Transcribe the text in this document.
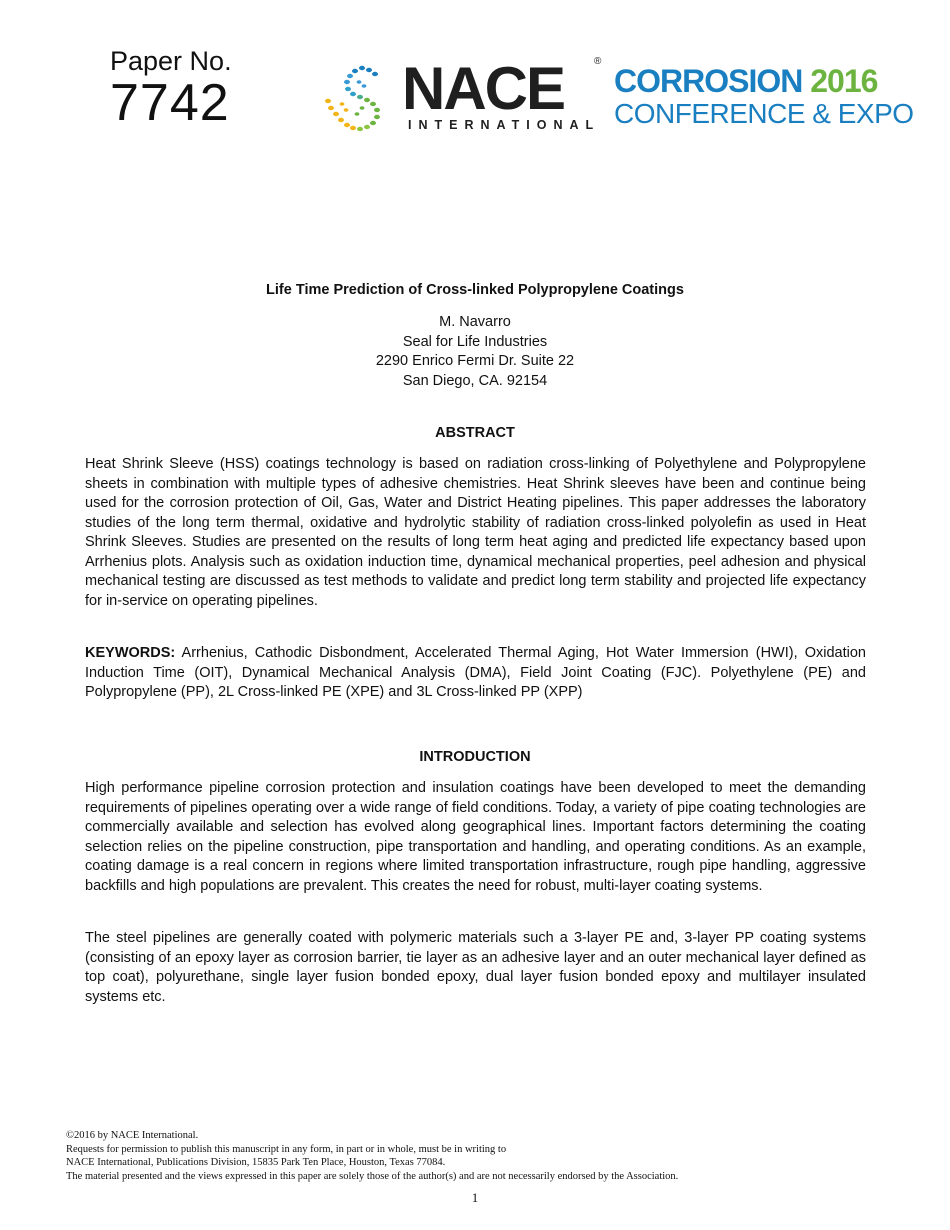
Paper No.
7742	NACE	®
INTERNATIONAL
CORROSION 2016
CONFERENCE & EXPO
Life Time Prediction of Cross-linked Polypropylene Coatings
M. Navarro
Seal for Life Industries
2290 Enrico Fermi Dr. Suite 22
San Diego, CA. 92154
ABSTRACT
Heat Shrink Sleeve (HSS) coatings technology is based on radiation cross-linking of Polyethylene and Polypropylene sheets in combination with multiple types of adhesive chemistries. Heat Shrink sleeves have been and continue being used for the corrosion protection of Oil, Gas, Water and District Heating pipelines. This paper addresses the laboratory studies of the long term thermal, oxidative and hydrolytic stability of radiation cross-linked polyolefin as used in Heat Shrink Sleeves. Studies are presented on the results of long term heat aging and predicted life expectancy based upon Arrhenius plots. Analysis such as oxidation induction time, dynamical mechanical properties, peel adhesion and physical mechanical testing are discussed as test methods to validate and predict long term stability and projected life expectancy for in-service on operating pipelines.
KEYWORDS: Arrhenius, Cathodic Disbondment, Accelerated Thermal Aging, Hot Water Immersion (HWI), Oxidation Induction Time (OIT), Dynamical Mechanical Analysis (DMA), Field Joint Coating (FJC). Polyethylene (PE) and Polypropylene (PP), 2L Cross-linked PE (XPE) and 3L Cross-linked PP (XPP)
INTRODUCTION
High performance pipeline corrosion protection and insulation coatings have been developed to meet the demanding requirements of pipelines operating over a wide range of field conditions. Today, a variety of pipe coating technologies are commercially available and selection has evolved along geographical lines. Important factors determining the coating selection relies on the pipeline construction, pipe transportation and handling, and operating conditions. As an example, coating damage is a real concern in regions where limited transportation infrastructure, rough pipe handling, aggressive backfills and high populations are prevalent. This creates the need for robust, multi-layer coating systems.
The steel pipelines are generally coated with polymeric materials such a 3-layer PE and, 3-layer PP coating systems (consisting of an epoxy layer as corrosion barrier, tie layer as an adhesive layer and an outer mechanical layer defined as top coat), polyurethane, single layer fusion bonded epoxy, dual layer fusion bonded epoxy and multilayer insulated systems etc.
©2016 by NACE International.
Requests for permission to publish this manuscript in any form, in part or in whole, must be in writing to
NACE International, Publications Division, 15835 Park Ten Place, Houston, Texas 77084.
The material presented and the views expressed in this paper are solely those of the author(s) and are not necessarily endorsed by the Association.
1
